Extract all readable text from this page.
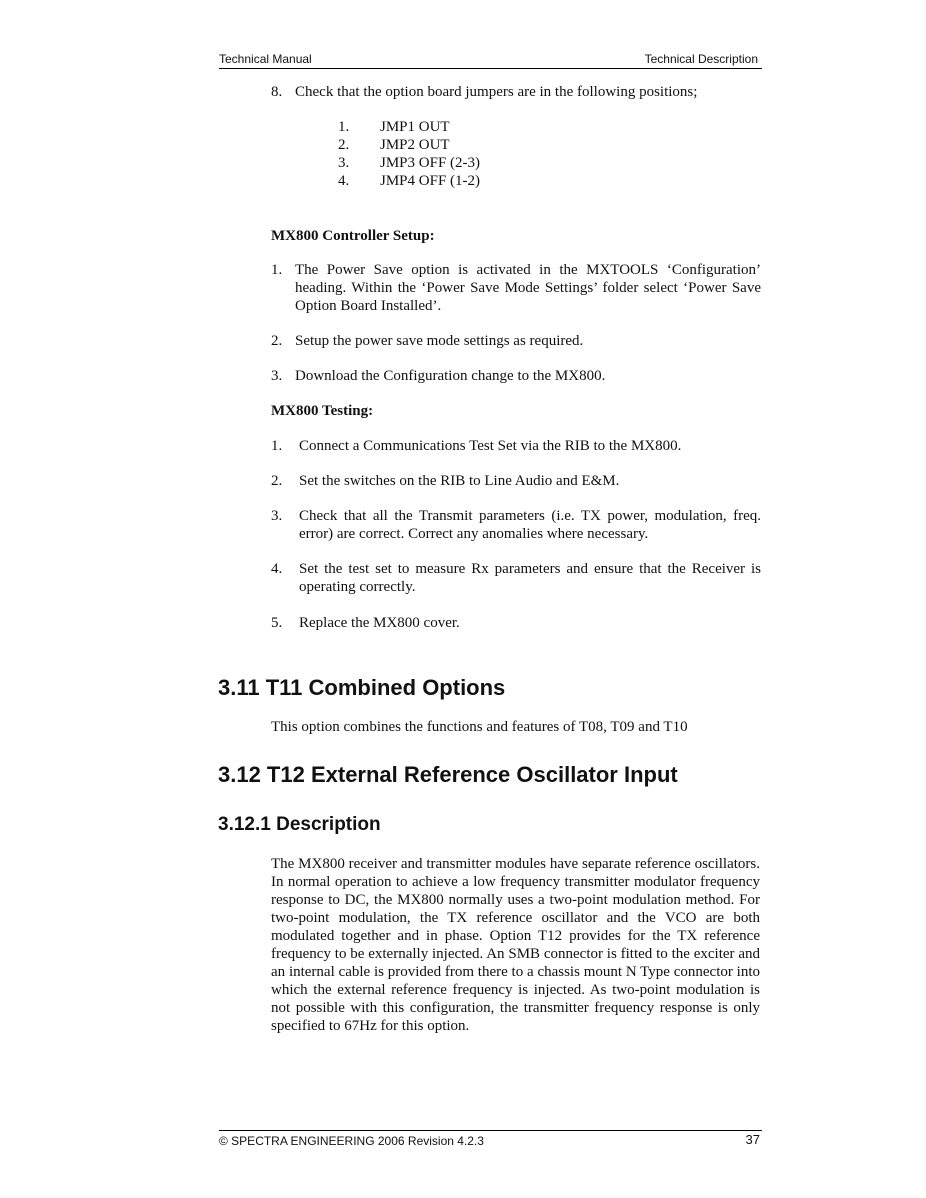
Technical Manual	Technical Description
8. Check that the option board jumpers are in the following positions;
1. JMP1 OUT
2. JMP2 OUT
3. JMP3 OFF (2-3)
4. JMP4 OFF (1-2)
MX800 Controller Setup:
1. The Power Save option is activated in the MXTOOLS ‘Configuration’ heading. Within the ‘Power Save Mode Settings’ folder select ‘Power Save Option Board Installed’.
2. Setup the power save mode settings as required.
3. Download the Configuration change to the MX800.
MX800 Testing:
1. Connect a Communications Test Set via the RIB to the MX800.
2. Set the switches on the RIB to Line Audio and E&M.
3. Check that all the Transmit parameters (i.e. TX power, modulation, freq. error) are correct. Correct any anomalies where necessary.
4. Set the test set to measure Rx parameters and ensure that the Receiver is operating correctly.
5. Replace the MX800 cover.
3.11 T11 Combined Options
This option combines the functions and features of T08, T09 and T10
3.12 T12 External Reference Oscillator Input
3.12.1 Description
The MX800 receiver and transmitter modules have separate reference oscillators. In normal operation to achieve a low frequency transmitter modulator frequency response to DC, the MX800 normally uses a two-point modulation method. For two-point modulation, the TX reference oscillator and the VCO are both modulated together and in phase. Option T12 provides for the TX reference frequency to be externally injected. An SMB connector is fitted to the exciter and an internal cable is provided from there to a chassis mount N Type connector into which the external reference frequency is injected. As two-point modulation is not possible with this configuration, the transmitter frequency response is only specified to 67Hz for this option.
© SPECTRA ENGINEERING 2006 Revision 4.2.3	37
